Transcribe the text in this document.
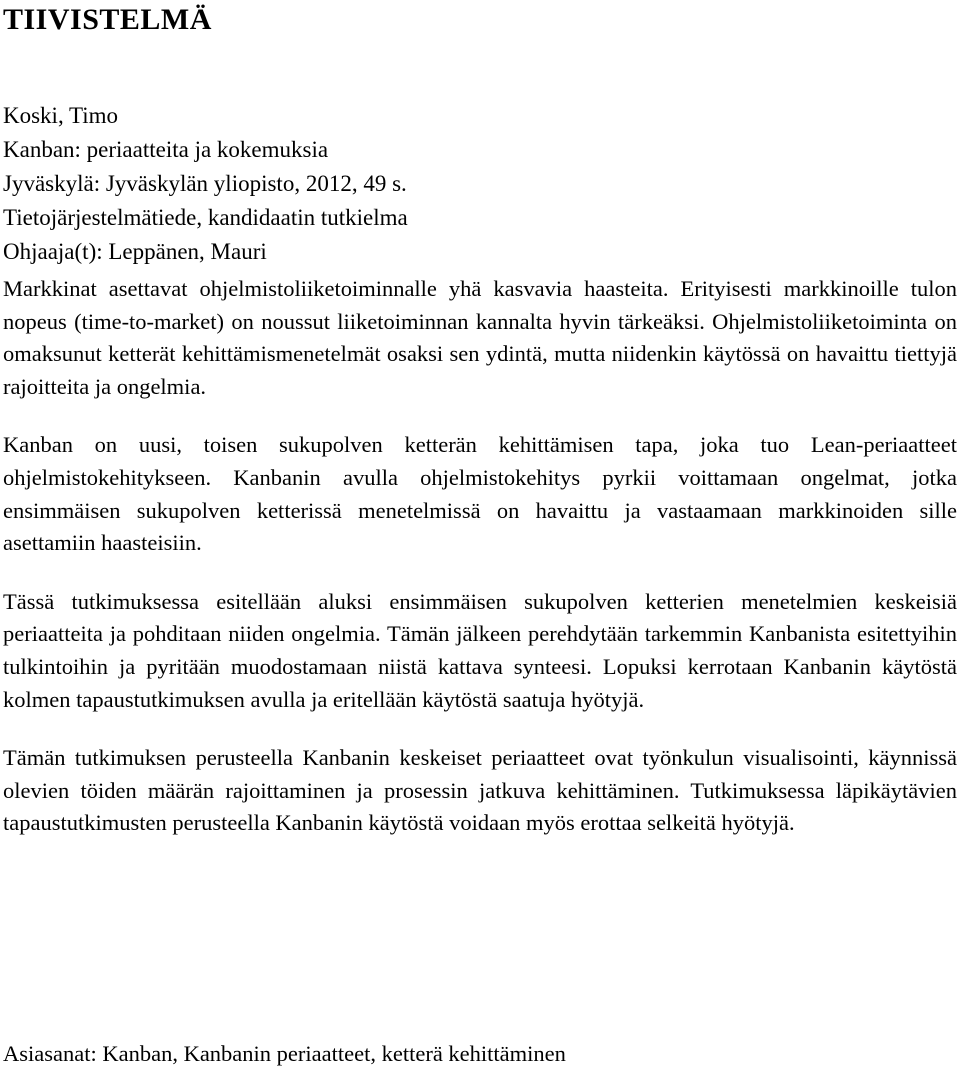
TIIVISTELMÄ
Koski, Timo
Kanban: periaatteita ja kokemuksia
Jyväskylä: Jyväskylän yliopisto, 2012, 49 s.
Tietojärjestelmätiede, kandidaatin tutkielma
Ohjaaja(t): Leppänen, Mauri

Markkinat asettavat ohjelmistoliiketoiminnalle yhä kasvavia haasteita. Erityisesti markkinoille tulon nopeus (time-to-market) on noussut liiketoiminnan kannalta hyvin tärkeäksi. Ohjelmistoliiketoiminta on omaksunut ketterät kehittämismenetelmät osaksi sen ydintä, mutta niidenkin käytössä on havaittu tiettyjä rajoitteita ja ongelmia.

Kanban on uusi, toisen sukupolven ketterän kehittämisen tapa, joka tuo Lean-periaatteet ohjelmistokehitykseen. Kanbanin avulla ohjelmistokehitys pyrkii voittamaan ongelmat, jotka ensimmäisen sukupolven ketterissä menetelmissä on havaittu ja vastaamaan markkinoiden sille asettamiin haasteisiin.

Tässä tutkimuksessa esitellään aluksi ensimmäisen sukupolven ketterien menetelmien keskeisiä periaatteita ja pohditaan niiden ongelmia. Tämän jälkeen perehdytään tarkemmin Kanbanista esitettyihin tulkintoihin ja pyritään muodostamaan niistä kattava synteesi. Lopuksi kerrotaan Kanbanin käytöstä kolmen tapaustutkimuksen avulla ja eritellään käytöstä saatuja hyötyjä.

Tämän tutkimuksen perusteella Kanbanin keskeiset periaatteet ovat työnkulun visualisointi, käynnissä olevien töiden määrän rajoittaminen ja prosessin jatkuva kehittäminen. Tutkimuksessa läpikäytävien tapaustutkimusten perusteella Kanbanin käytöstä voidaan myös erottaa selkeitä hyötyjä.

Asiasanat: Kanban, Kanbanin periaatteet, ketterä kehittäminen
